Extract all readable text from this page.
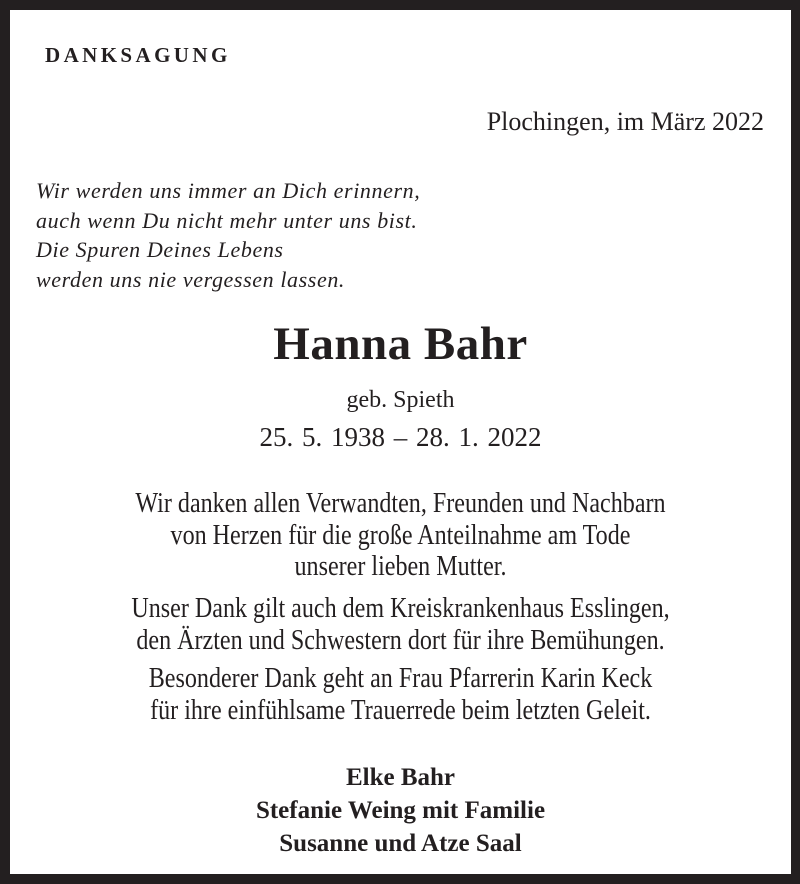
DANKSAGUNG
Plochingen, im März 2022
Wir werden uns immer an Dich erinnern,
auch wenn Du nicht mehr unter uns bist.
Die Spuren Deines Lebens
werden uns nie vergessen lassen.
Hanna Bahr
geb. Spieth
25. 5. 1938 – 28. 1. 2022
Wir danken allen Verwandten, Freunden und Nachbarn
von Herzen für die große Anteilnahme am Tode
unserer lieben Mutter.
Unser Dank gilt auch dem Kreiskrankenhaus Esslingen,
den Ärzten und Schwestern dort für ihre Bemühungen.
Besonderer Dank geht an Frau Pfarrerin Karin Keck
für ihre einfühlsame Trauerrede beim letzten Geleit.
Elke Bahr
Stefanie Weing mit Familie
Susanne und Atze Saal
